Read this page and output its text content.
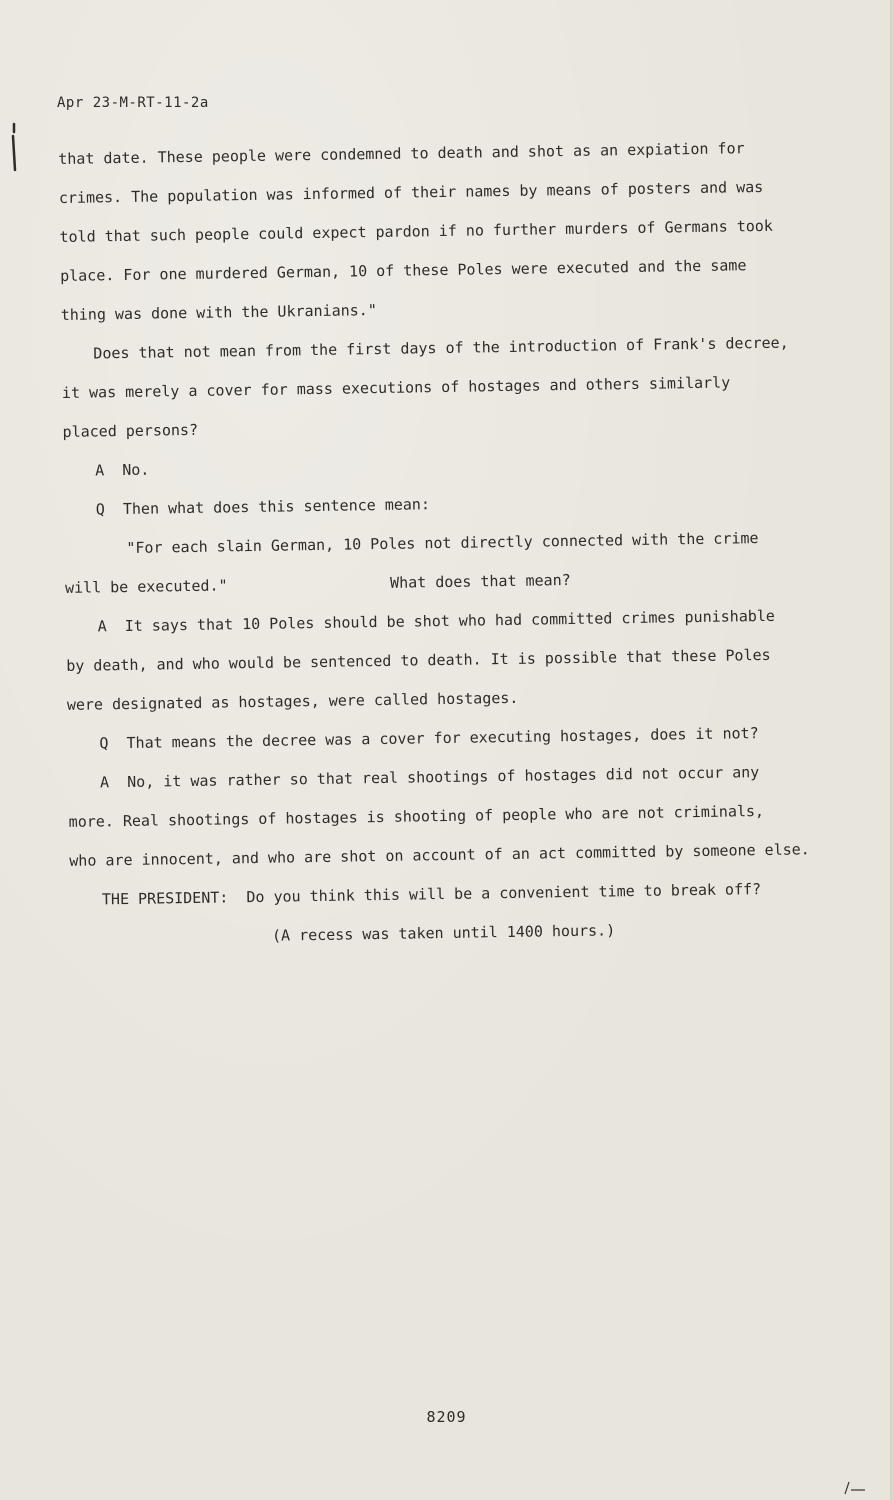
Apr 23-M-RT-11-2a
that date. These people were condemned to death and shot as an expiation for
crimes. The population was informed of their names by means of posters and was
told that such people could expect pardon if no further murders of Germans took
place. For one murdered German, 10 of these Poles were executed and the same
thing was done with the Ukranians."
Does that not mean from the first days of the introduction of Frank's decree,
it was merely a cover for mass executions of hostages and others similarly
placed persons?
A  No.
Q  Then what does this sentence mean:
"For each slain German, 10 Poles not directly connected with the crime
will be executed."                  What does that mean?
A  It says that 10 Poles should be shot who had committed crimes punishable
by death, and who would be sentenced to death. It is possible that these Poles
were designated as hostages, were called hostages.
Q  That means the decree was a cover for executing hostages, does it not?
A  No, it was rather so that real shootings of hostages did not occur any
more. Real shootings of hostages is shooting of people who are not criminals,
who are innocent, and who are shot on account of an act committed by someone else.
THE PRESIDENT:  Do you think this will be a convenient time to break off?
(A recess was taken until 1400 hours.)
8209
